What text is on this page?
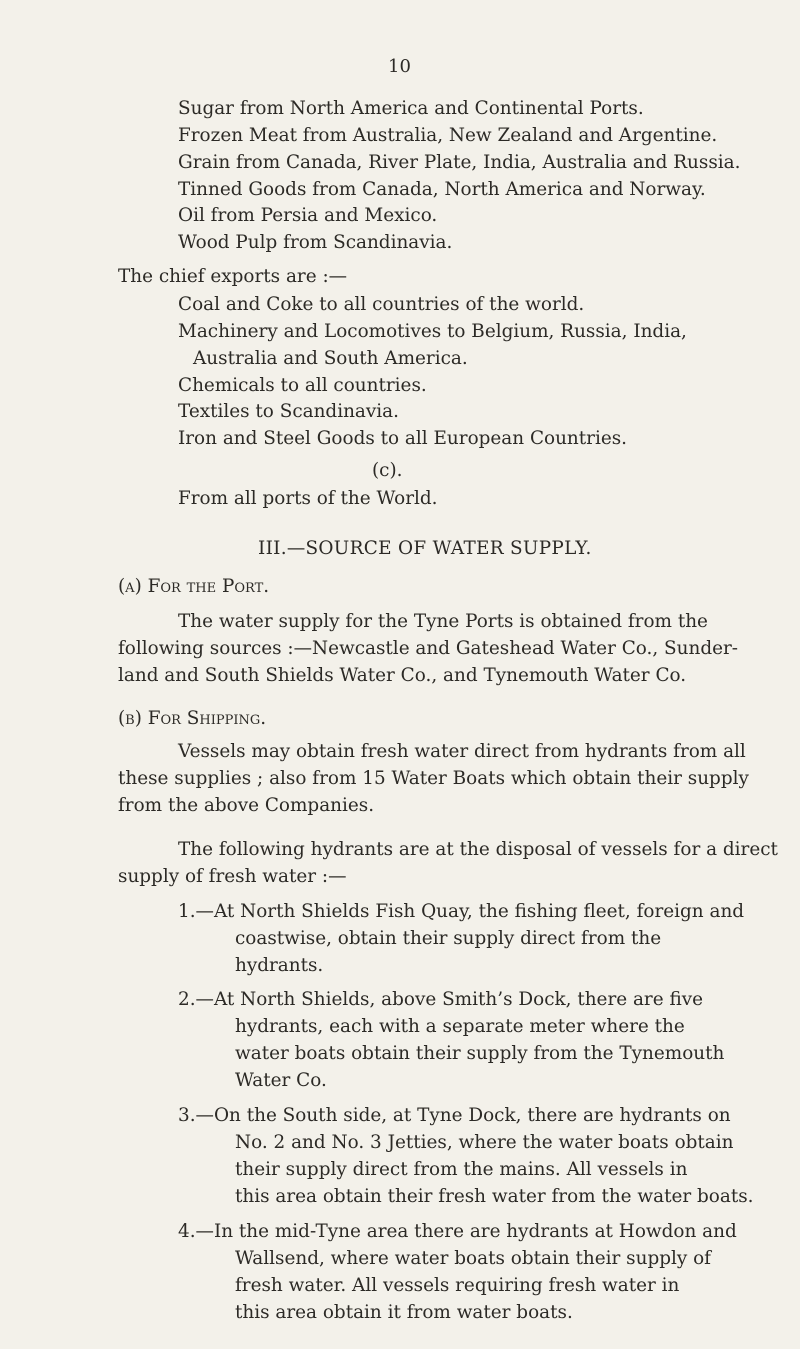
10
Sugar from North America and Continental Ports.
Frozen Meat from Australia, New Zealand and Argentine.
Grain from Canada, River Plate, India, Australia and Russia.
Tinned Goods from Canada, North America and Norway.
Oil from Persia and Mexico.
Wood Pulp from Scandinavia.
The chief exports are :—
Coal and Coke to all countries of the world.
Machinery and Locomotives to Belgium, Russia, India,
Australia and South America.
Chemicals to all countries.
Textiles to Scandinavia.
Iron and Steel Goods to all European Countries.
(c).
From all ports of the World.
III.—SOURCE OF WATER SUPPLY.
(a) For the Port.
The water supply for the Tyne Ports is obtained from the
following sources :—Newcastle and Gateshead Water Co., Sunder-
land and South Shields Water Co., and Tynemouth Water Co.
(b) For Shipping.
Vessels may obtain fresh water direct from hydrants from all
these supplies ; also from 15 Water Boats which obtain their supply
from the above Companies.
The following hydrants are at the disposal of vessels for a direct
supply of fresh water :—
1.—At North Shields Fish Quay, the fishing fleet, foreign and
coastwise, obtain their supply direct from the
hydrants.
2.—At North Shields, above Smith’s Dock, there are five
hydrants, each with a separate meter where the
water boats obtain their supply from the Tynemouth
Water Co.
3.—On the South side, at Tyne Dock, there are hydrants on
No. 2 and No. 3 Jetties, where the water boats obtain
their supply direct from the mains. All vessels in
this area obtain their fresh water from the water boats.
4.—In the mid-Tyne area there are hydrants at Howdon and
Wallsend, where water boats obtain their supply of
fresh water. All vessels requiring fresh water in
this area obtain it from water boats.
